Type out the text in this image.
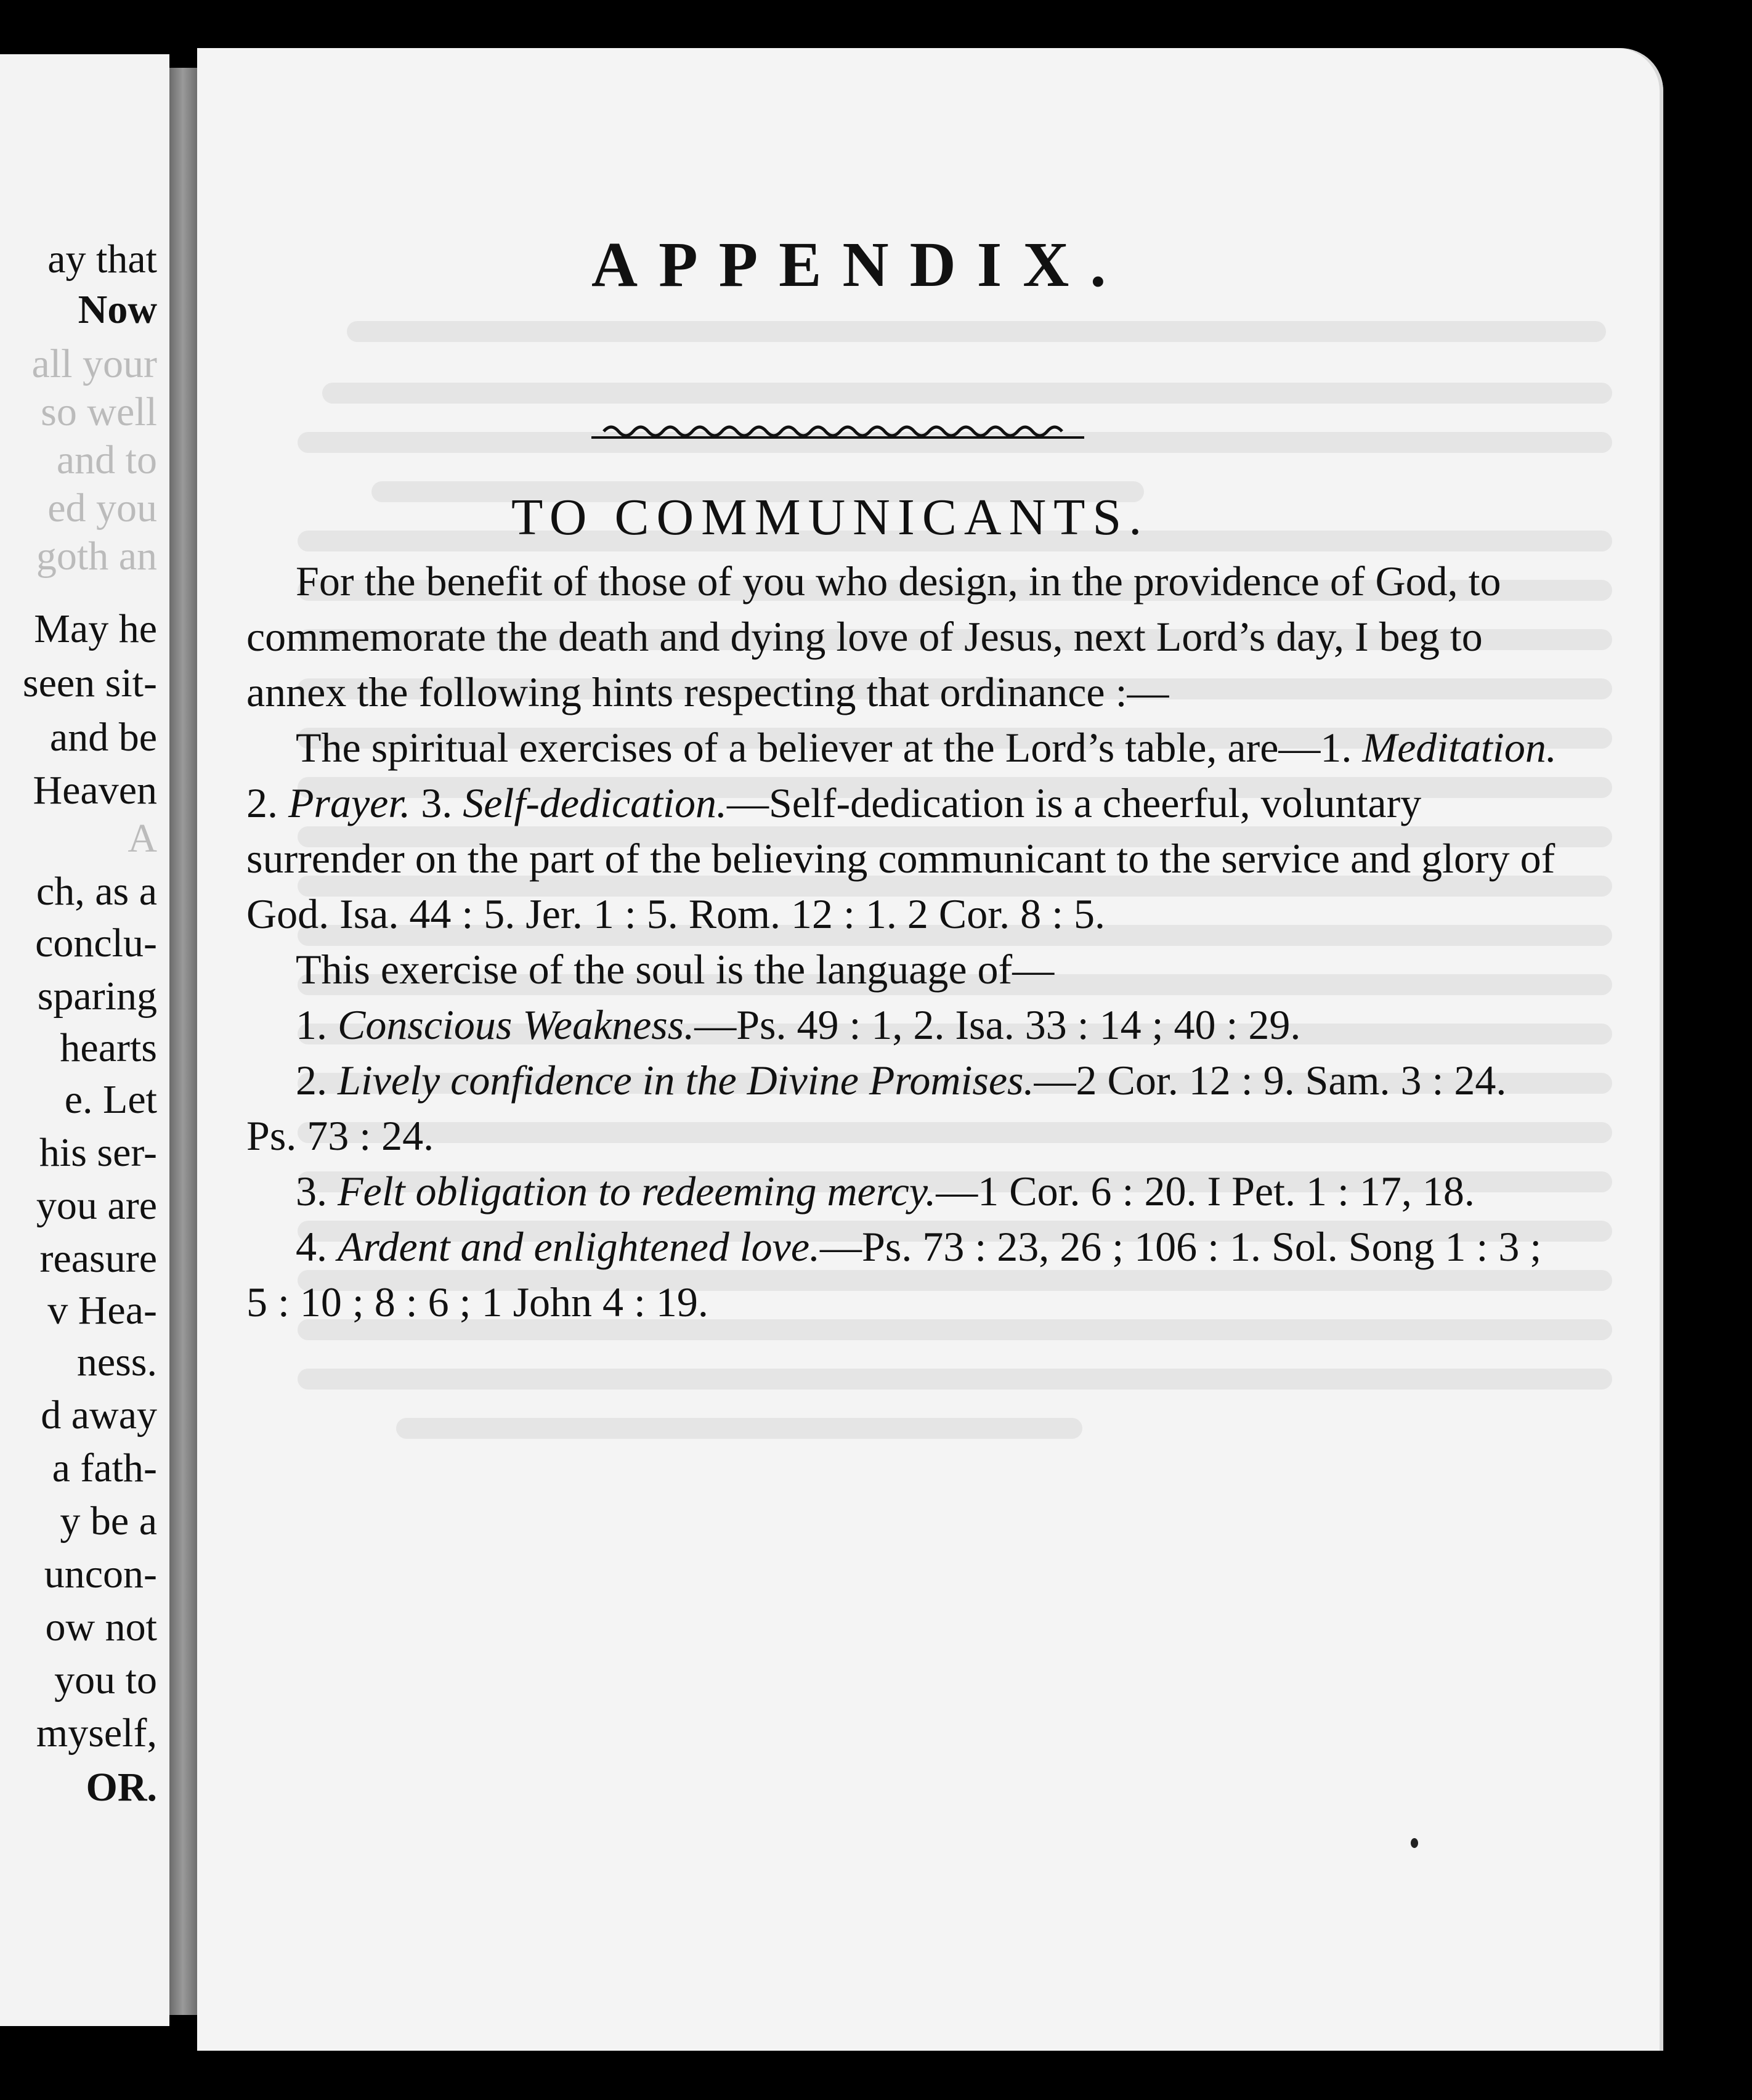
ay that
Now
all your
so well
and to
ed you
goth an
May he
seen sit-
and be
Heaven
A
ch, as a
conclu-
sparing
hearts
e. Let
his ser-
you are
reasure
v Hea-
ness.
d away
a fath-
y be a
uncon-
ow not
you to
myself,
OR.
APPENDIX.
TO COMMUNICANTS.

For the benefit of those of you who design, in the providence of God, to commemorate the death and dying love of Jesus, next Lord’s day, I beg to annex the following hints respecting that ordinance :—

The spiritual exercises of a believer at the Lord’s table, are—1. Meditation. 2. Prayer. 3. Self-dedication.—Self-dedication is a cheerful, voluntary surrender on the part of the believing communicant to the service and glory of God. Isa. 44 : 5. Jer. 1 : 5. Rom. 12 : 1. 2 Cor. 8 : 5.

This exercise of the soul is the language of—

1. Conscious Weakness.—Ps. 49 : 1, 2. Isa. 33 : 14 ; 40 : 29.

2. Lively confidence in the Divine Promises.—2 Cor. 12 : 9. Sam. 3 : 24. Ps. 73 : 24.

3. Felt obligation to redeeming mercy.—1 Cor. 6 : 20. I Pet. 1 : 17, 18.

4. Ardent and enlightened love.—Ps. 73 : 23, 26 ; 106 : 1. Sol. Song 1 : 3 ; 5 : 10 ; 8 : 6 ; 1 John 4 : 19.
